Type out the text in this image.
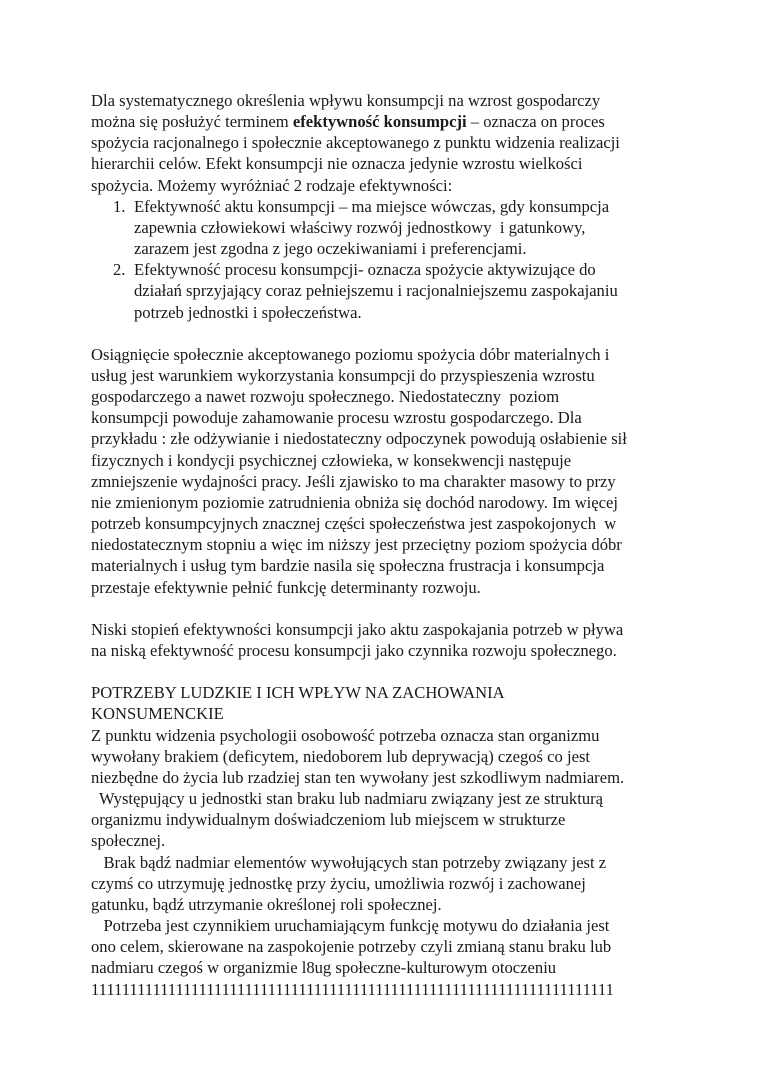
Dla systematycznego określenia wpływu konsumpcji na wzrost gospodarczy
można się posłużyć terminem efektywność konsumpcji – oznacza on proces
spożycia racjonalnego i społecznie akceptowanego z punktu widzenia realizacji
hierarchii celów. Efekt konsumpcji nie oznacza jedynie wzrostu wielkości
spożycia. Możemy wyróżniać 2 rodzaje efektywności:
1. Efektywność aktu konsumpcji – ma miejsce wówczas, gdy konsumpcja
zapewnia człowiekowi właściwy rozwój jednostkowy  i gatunkowy,
zarazem jest zgodna z jego oczekiwaniami i preferencjami.
2. Efektywność procesu konsumpcji- oznacza spożycie aktywizujące do
działań sprzyjający coraz pełniejszemu i racjonalniejszemu zaspokajaniu
potrzeb jednostki i społeczeństwa.
Osiągnięcie społecznie akceptowanego poziomu spożycia dóbr materialnych i
usług jest warunkiem wykorzystania konsumpcji do przyspieszenia wzrostu
gospodarczego a nawet rozwoju społecznego. Niedostateczny  poziom
konsumpcji powoduje zahamowanie procesu wzrostu gospodarczego. Dla
przykładu : złe odżywianie i niedostateczny odpoczynek powodują osłabienie sił
fizycznych i kondycji psychicznej człowieka, w konsekwencji następuje
zmniejszenie wydajności pracy. Jeśli zjawisko to ma charakter masowy to przy
nie zmienionym poziomie zatrudnienia obniża się dochód narodowy. Im więcej
potrzeb konsumpcyjnych znacznej części społeczeństwa jest zaspokojonych  w
niedostatecznym stopniu a więc im niższy jest przeciętny poziom spożycia dóbr
materialnych i usług tym bardzie nasila się społeczna frustracja i konsumpcja
przestaje efektywnie pełnić funkcję determinanty rozwoju.
Niski stopień efektywności konsumpcji jako aktu zaspokajania potrzeb w pływa
na niską efektywność procesu konsumpcji jako czynnika rozwoju społecznego.
POTRZEBY LUDZKIE I ICH WPŁYW NA ZACHOWANIA
KONSUMENCKIE
Z punktu widzenia psychologii osobowość potrzeba oznacza stan organizmu
wywołany brakiem (deficytem, niedoborem lub deprywacją) czegoś co jest
niezbędne do życia lub rzadziej stan ten wywołany jest szkodliwym nadmiarem.
Występujący u jednostki stan braku lub nadmiaru związany jest ze strukturą
organizmu indywidualnym doświadczeniom lub miejscem w strukturze
społecznej.
Brak bądź nadmiar elementów wywołujących stan potrzeby związany jest z
czymś co utrzymuję jednostkę przy życiu, umożliwia rozwój i zachowanej
gatunku, bądź utrzymanie określonej roli społecznej.
Potrzeba jest czynnikiem uruchamiającym funkcję motywu do działania jest
ono celem, skierowane na zaspokojenie potrzeby czyli zmianą stanu braku lub
nadmiaru czegoś w organizmie l8ug społeczne-kulturowym otoczeniu
11111111111111111111111111111111111111111111111111111111111111111111
